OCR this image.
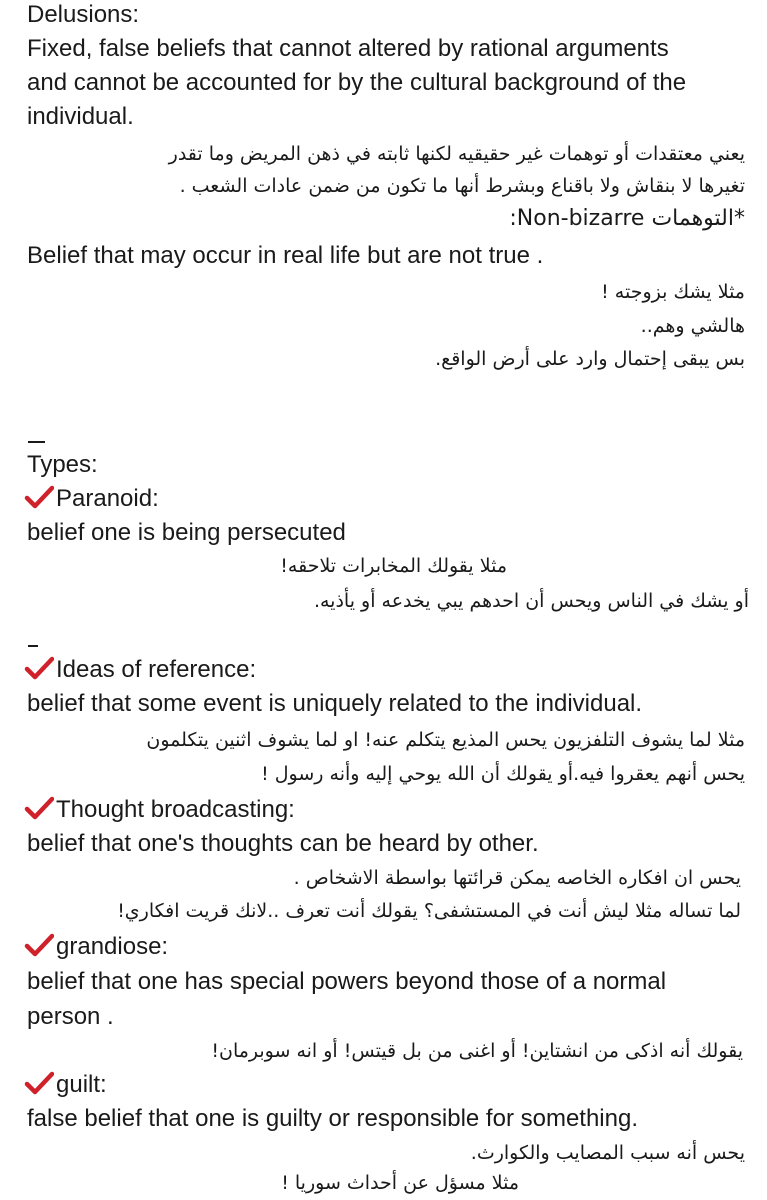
Delusions:

Fixed, false beliefs that cannot altered by rational arguments

and cannot be accounted for by the cultural background of the

individual.

يعني معتقدات أو توهمات غير حقيقيه لكنها ثابته في ذهن المريض وما تقدر

تغيرها لا بنقاش ولا باقناع وبشرط أنها ما تكون من ضمن عادات الشعب .

*التوهمات Non-bizarre:

Belief that may occur in real life but are not true .

مثلا يشك بزوجته !

هالشي وهم..

بس يبقى إحتمال وارد على أرض الواقع.

Types:

Paranoid:

belief one is being persecuted

مثلا يقولك المخابرات تلاحقه!

أو يشك في الناس ويحس أن احدهم يبي يخدعه أو يأذيه.

Ideas of reference:

belief that some event is uniquely related to the individual.

مثلا لما يشوف التلفزيون يحس المذيع يتكلم عنه! او لما يشوف اثنين يتكلمون

يحس أنهم يعقروا فيه.أو يقولك أن الله يوحي إليه وأنه رسول !

Thought broadcasting:

belief that one's thoughts can be heard by other.

يحس ان افكاره الخاصه يمكن قرائتها بواسطة الاشخاص .

لما تساله مثلا ليش أنت في المستشفى؟ يقولك أنت تعرف ..لانك قريت افكاري!

grandiose:

belief that one has special powers beyond those of a normal

person .

يقولك أنه اذكى من انشتاين! أو اغنى من بل قيتس! أو انه سوبرمان!

guilt:

false belief that one is guilty or responsible for something.

يحس أنه سبب المصايب والكوارث.

مثلا مسؤل عن أحداث سوريا !
